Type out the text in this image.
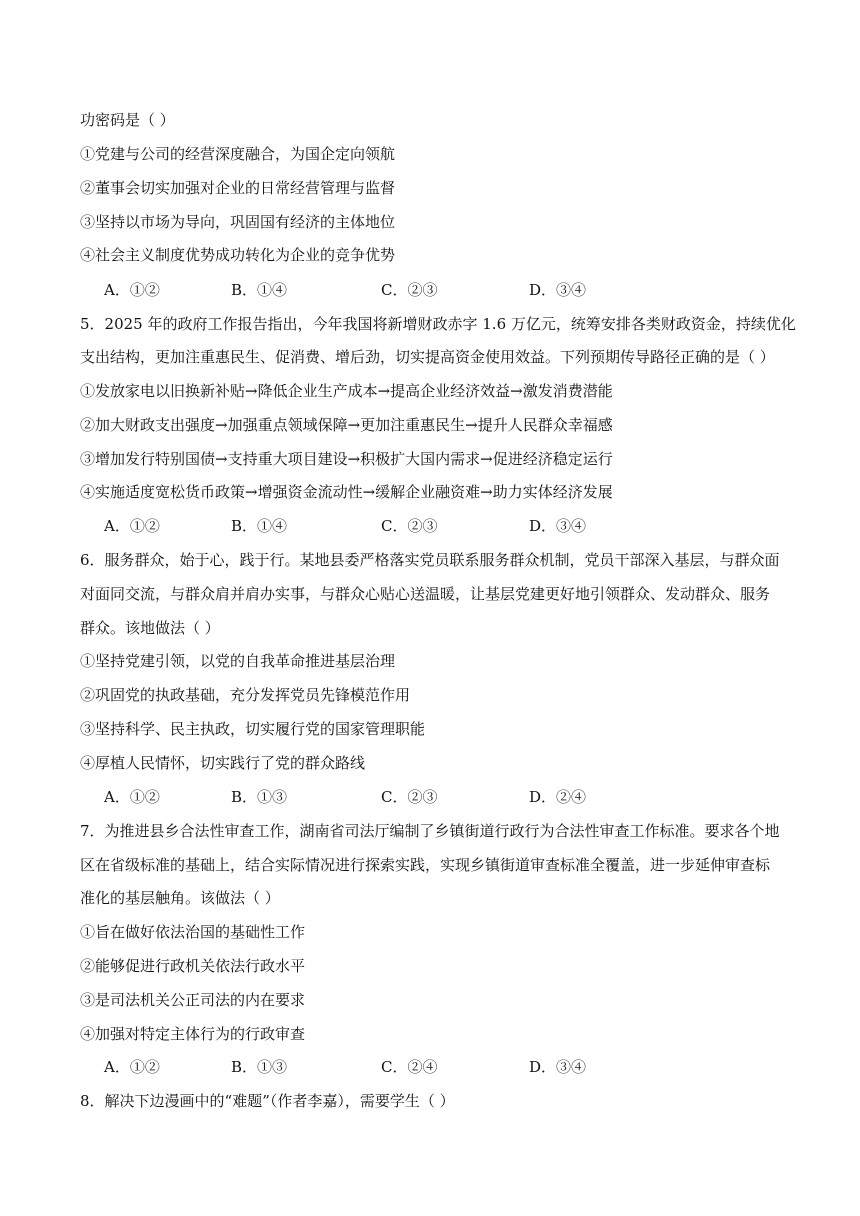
功密码是（ ）
①党建与公司的经营深度融合，为国企定向领航
②董事会切实加强对企业的日常经营管理与监督
③坚持以市场为导向，巩固国有经济的主体地位
④社会主义制度优势成功转化为企业的竞争优势
A．①②	B．①④	C．②③	D．③④
5．2025 年的政府工作报告指出，今年我国将新增财政赤字 1.6 万亿元，统筹安排各类财政资金，持续优化
支出结构，更加注重惠民生、促消费、增后劲，切实提高资金使用效益。下列预期传导路径正确的是（ ）
①发放家电以旧换新补贴→降低企业生产成本→提高企业经济效益→激发消费潜能
②加大财政支出强度→加强重点领域保障→更加注重惠民生→提升人民群众幸福感
③增加发行特别国债→支持重大项目建设→积极扩大国内需求→促进经济稳定运行
④实施适度宽松货币政策→增强资金流动性→缓解企业融资难→助力实体经济发展
A．①②	B．①④	C．②③	D．③④
6．服务群众，始于心，践于行。某地县委严格落实党员联系服务群众机制，党员干部深入基层，与群众面
对面同交流，与群众肩并肩办实事，与群众心贴心送温暖，让基层党建更好地引领群众、发动群众、服务
群众。该地做法（ ）
①坚持党建引领，以党的自我革命推进基层治理
②巩固党的执政基础，充分发挥党员先锋模范作用
③坚持科学、民主执政，切实履行党的国家管理职能
④厚植人民情怀，切实践行了党的群众路线
A．①②	B．①③	C．②③	D．②④
7．为推进县乡合法性审查工作，湖南省司法厅编制了乡镇街道行政行为合法性审查工作标准。要求各个地
区在省级标准的基础上，结合实际情况进行探索实践，实现乡镇街道审查标准全覆盖，进一步延伸审查标
准化的基层触角。该做法（ ）
①旨在做好依法治国的基础性工作
②能够促进行政机关依法行政水平
③是司法机关公正司法的内在要求
④加强对特定主体行为的行政审查
A．①②	B．①③	C．②④	D．③④
8．解决下边漫画中的“难题”（作者李嘉），需要学生（ ）
